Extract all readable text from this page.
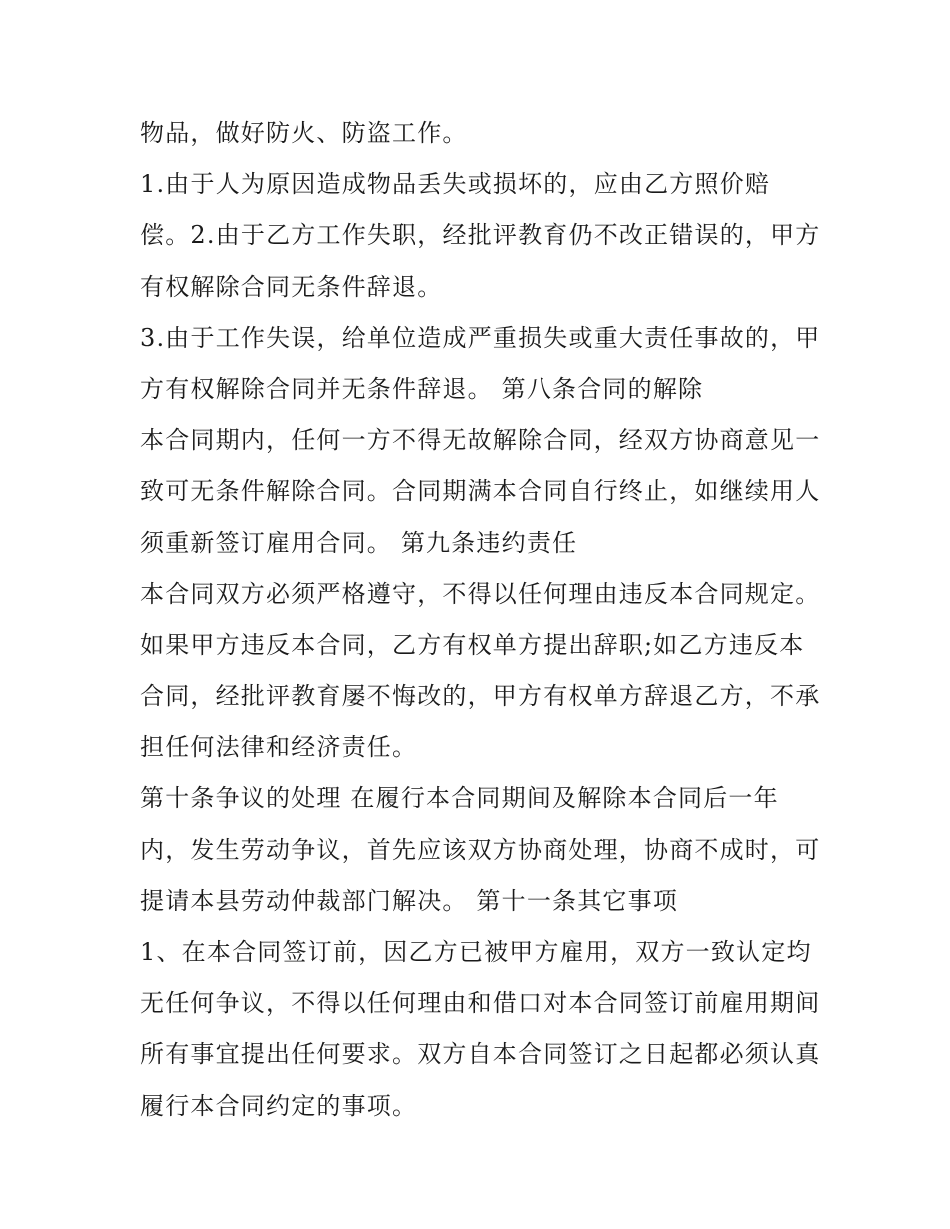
物品，做好防火、防盗工作。
1.由于人为原因造成物品丢失或损坏的，应由乙方照价赔
偿。2.由于乙方工作失职，经批评教育仍不改正错误的，甲方
有权解除合同无条件辞退。
3.由于工作失误，给单位造成严重损失或重大责任事故的，甲
方有权解除合同并无条件辞退。 第八条合同的解除
本合同期内，任何一方不得无故解除合同，经双方协商意见一
致可无条件解除合同。合同期满本合同自行终止，如继续用人
须重新签订雇用合同。 第九条违约责任
本合同双方必须严格遵守，不得以任何理由违反本合同规定。
如果甲方违反本合同，乙方有权单方提出辞职;如乙方违反本
合同，经批评教育屡不悔改的，甲方有权单方辞退乙方，不承
担任何法律和经济责任。
第十条争议的处理 在履行本合同期间及解除本合同后一年
内，发生劳动争议，首先应该双方协商处理，协商不成时，可
提请本县劳动仲裁部门解决。 第十一条其它事项
1、在本合同签订前，因乙方已被甲方雇用，双方一致认定均
无任何争议，不得以任何理由和借口对本合同签订前雇用期间
所有事宜提出任何要求。双方自本合同签订之日起都必须认真
履行本合同约定的事项。
